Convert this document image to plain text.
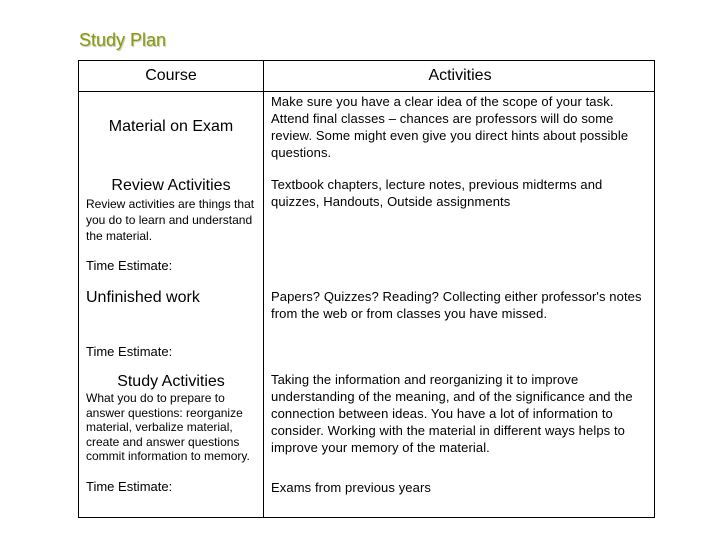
Study Plan
Course	Activities
Material on Exam
Make sure you have a clear idea of the scope of your task. Attend final classes – chances are professors will do some review. Some might even give you direct hints about possible questions.
Review Activities
Review activities are things that you do to learn and understand the material.
Time Estimate:
Textbook chapters, lecture notes, previous midterms and quizzes, Handouts, Outside assignments
Unfinished work
Time Estimate:
Papers? Quizzes? Reading? Collecting either professor's notes from the web or from classes you have missed.
Study Activities
What you do to prepare to answer questions: reorganize material, verbalize material, create and answer questions commit information to memory.
Time Estimate:
Taking the information and reorganizing it to improve understanding of the meaning, and of the significance and the connection between ideas. You have a lot of information to consider. Working with the material in different ways helps to improve your memory of the material.
Exams from previous years
